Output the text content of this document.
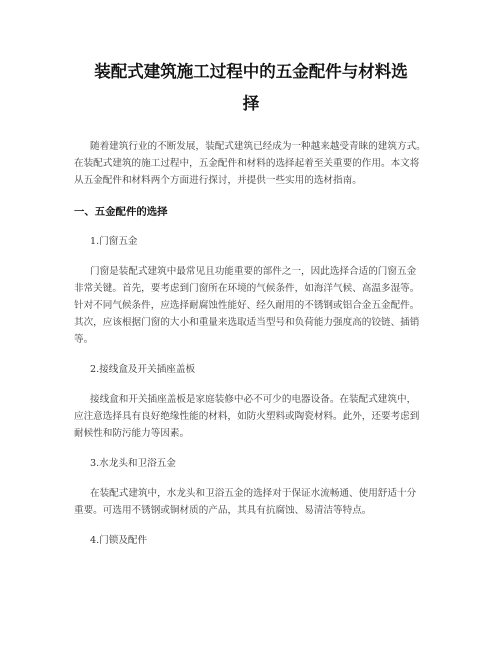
装配式建筑施工过程中的五金配件与材料选
择
随着建筑行业的不断发展，装配式建筑已经成为一种越来越受青睐的建筑方式。
在装配式建筑的施工过程中，五金配件和材料的选择起着至关重要的作用。本文将
从五金配件和材料两个方面进行探讨，并提供一些实用的选材指南。
一、五金配件的选择
1.门窗五金
门窗是装配式建筑中最常见且功能重要的部件之一，因此选择合适的门窗五金
非常关键。首先，要考虑到门窗所在环境的气候条件，如海洋气候、高温多湿等。
针对不同气候条件，应选择耐腐蚀性能好、经久耐用的不锈钢或铝合金五金配件。
其次，应该根据门窗的大小和重量来选取适当型号和负荷能力强度高的铰链、插销
等。
2.接线盒及开关插座盖板
接线盒和开关插座盖板是家庭装修中必不可少的电器设备。在装配式建筑中，
应注意选择具有良好绝缘性能的材料，如防火塑料或陶瓷材料。此外，还要考虑到
耐候性和防污能力等因素。
3.水龙头和卫浴五金
在装配式建筑中，水龙头和卫浴五金的选择对于保证水流畅通、使用舒适十分
重要。可选用不锈钢或铜材质的产品，其具有抗腐蚀、易清洁等特点。
4.门锁及配件
